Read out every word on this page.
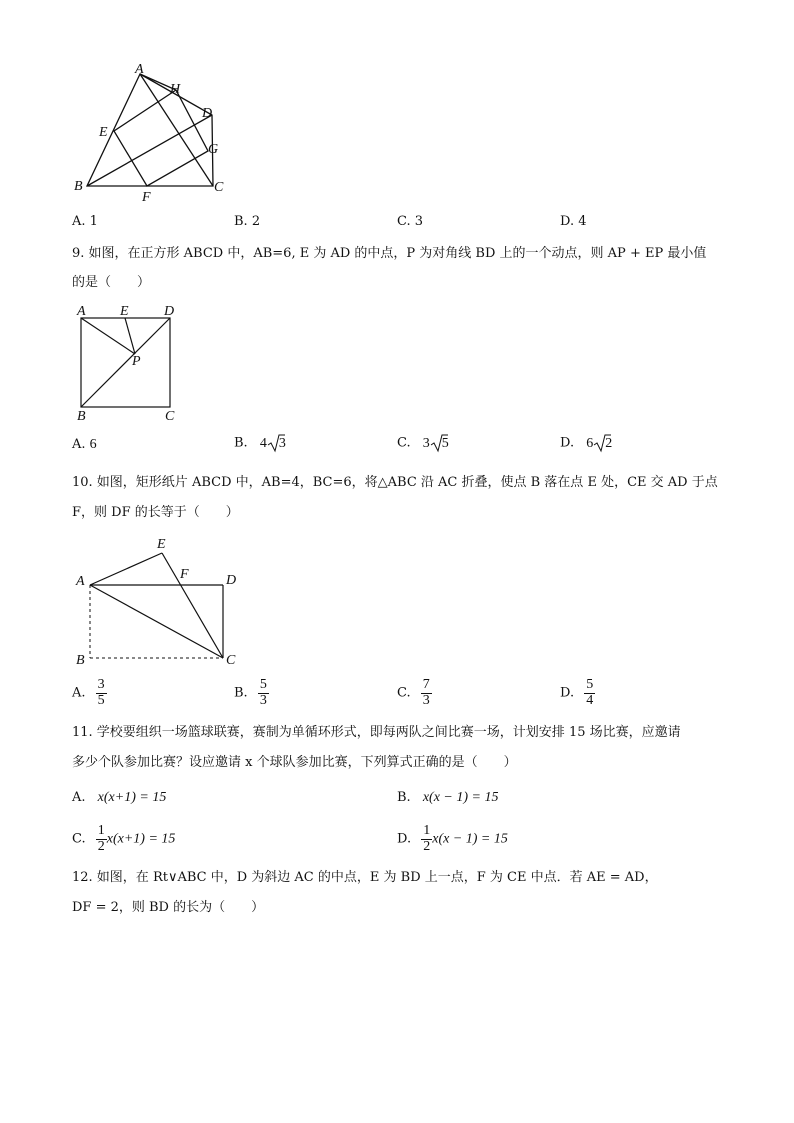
A
H
D
E
G
B
F
C
A. 1	B. 2	C. 3	D. 4
9. 如图，在正方形 ABCD 中，AB=6, E 为 AD 的中点，P 为对角线 BD 上的一个动点，则 AP + EP 最小值
的是（　　）
A E	D
P
B	C
A. 6	B. 4 3	C. 3 5	D. 6 2
10. 如图，矩形纸片 ABCD 中，AB=4，BC=6，将△ABC 沿 AC 折叠，使点 B 落在点 E 处，CE 交 AD 于点
F，则 DF 的长等于（　　）
E
F
A	D
B	C
A. $\frac{3}{5}$	B. $\frac{5}{3}$	C. $\frac{7}{3}$	D. $\frac{5}{4}$
11. 学校要组织一场篮球联赛，赛制为单循环形式，即每两队之间比赛一场，计划安排 15 场比赛，应邀请
多少个队参加比赛？设应邀请 x 个球队参加比赛，下列算式正确的是（　　）
A. x(x+1) = 15	B. x(x − 1) = 15
C. $\frac{1}{2} x(x+1) = 15$	D. $\frac{1}{2} x(x - 1) = 15$
12. 如图，在 Rt∨ABC 中，D 为斜边 AC 的中点，E 为 BD 上一点，F 为 CE 中点．若 AE = AD，
DF = 2，则 BD 的长为（　　）
